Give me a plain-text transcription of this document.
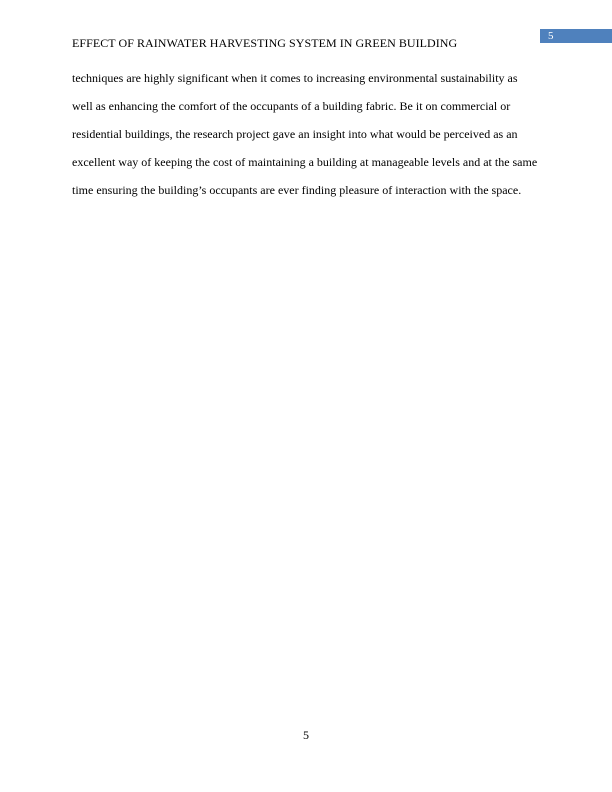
EFFECT OF RAINWATER HARVESTING SYSTEM IN GREEN BUILDING	5
techniques are highly significant when it comes to increasing environmental sustainability as
well as enhancing the comfort of the occupants of a building fabric. Be it on commercial or
residential buildings, the research project gave an insight into what would be perceived as an
excellent way of keeping the cost of maintaining a building at manageable levels and at the same
time ensuring the building’s occupants are ever finding pleasure of interaction with the space.
5
